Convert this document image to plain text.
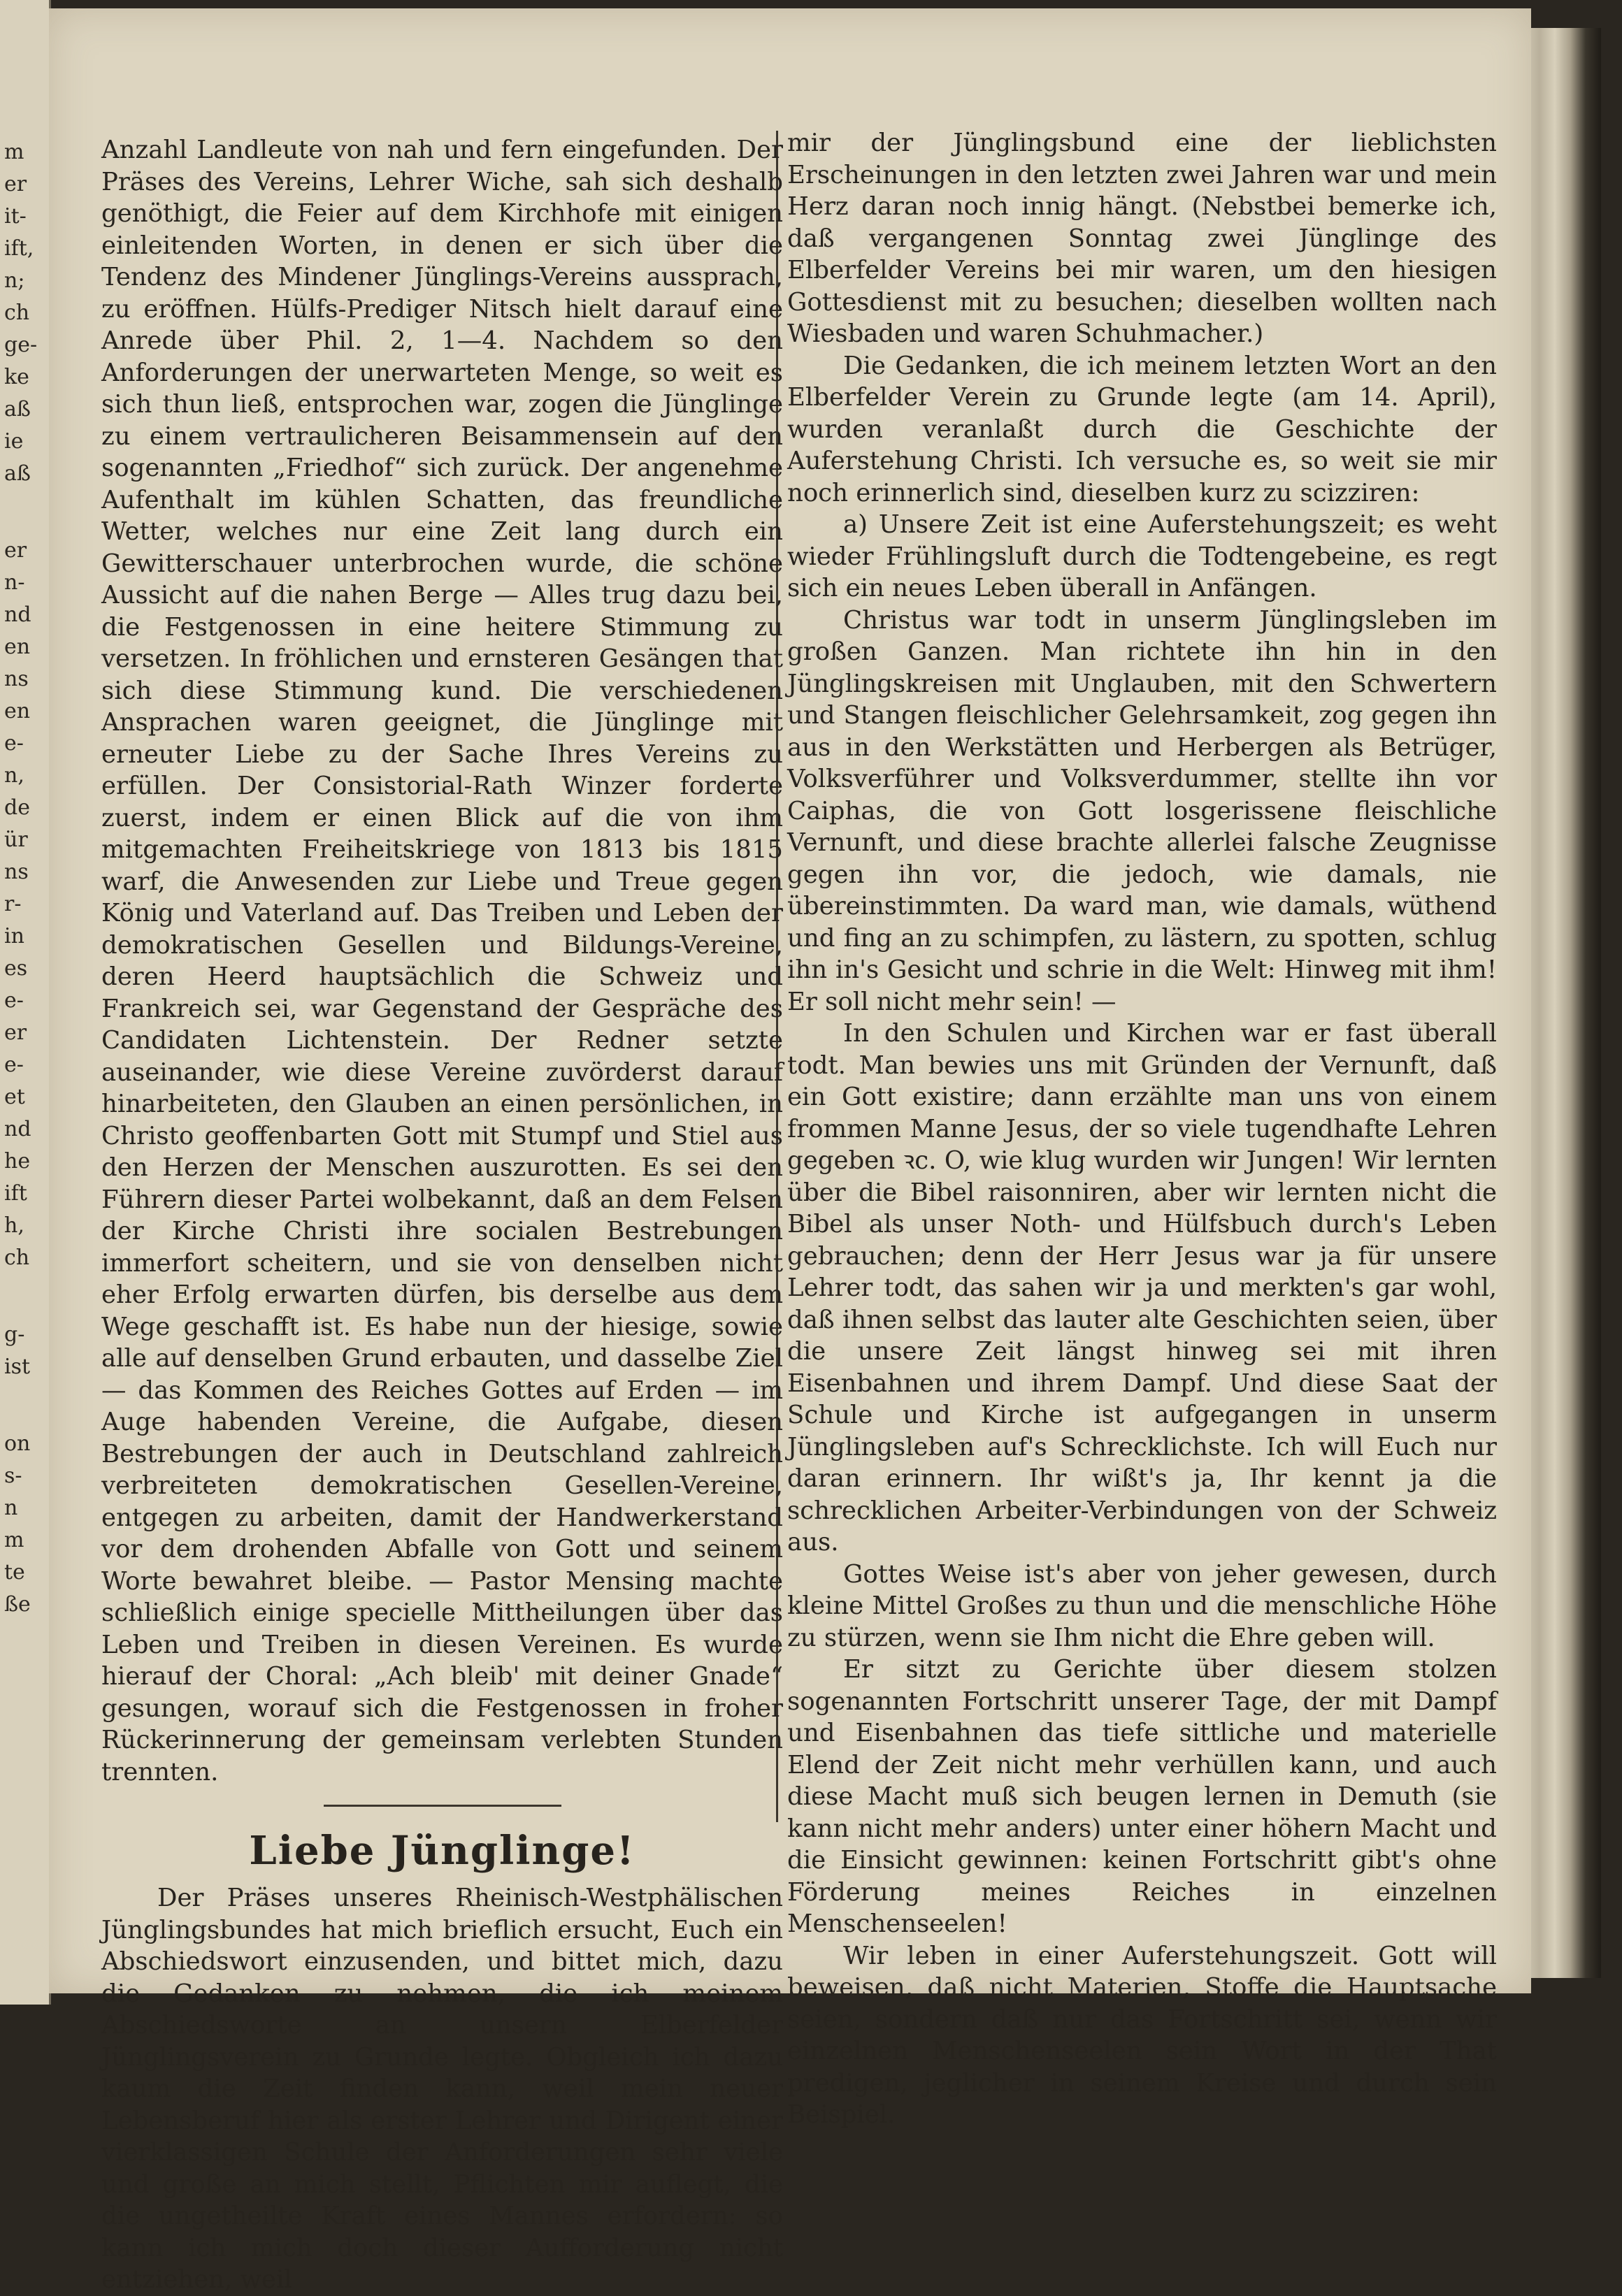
m
er
it-
ift,
n;
ch
ge-
ke
aß
ie
aß
er
n-
nd
en
ns
en
e-
n,
de
ür
ns
r-
in
es
e-
er
e-
et
nd
he
ift
h,
ch
g-
ist
on
s-
n
m
te
ße

Anzahl Landleute von nah und fern eingefunden. Der Präses des Vereins, Lehrer Wiche, sah sich deshalb genöthigt, die Feier auf dem Kirchhofe mit einigen einleitenden Worten, in denen er sich über die Tendenz des Mindener Jünglings-Vereins aussprach, zu eröffnen. Hülfs-Prediger Nitsch hielt darauf eine Anrede über Phil. 2, 1—4. Nachdem so den Anforderungen der unerwarteten Menge, so weit es sich thun ließ, entsprochen war, zogen die Jünglinge zu einem vertraulicheren Beisammensein auf den sogenannten „Friedhof“ sich zurück. Der angenehme Aufenthalt im kühlen Schatten, das freundliche Wetter, welches nur eine Zeit lang durch ein Gewitterschauer unterbrochen wurde, die schöne Aussicht auf die nahen Berge — Alles trug dazu bei, die Festgenossen in eine heitere Stimmung zu versetzen. In fröhlichen und ernsteren Gesängen that sich diese Stimmung kund. Die verschiedenen Ansprachen waren geeignet, die Jünglinge mit erneuter Liebe zu der Sache Ihres Vereins zu erfüllen. Der Consistorial-Rath Winzer forderte zuerst, indem er einen Blick auf die von ihm mitgemachten Freiheitskriege von 1813 bis 1815 warf, die Anwesenden zur Liebe und Treue gegen König und Vaterland auf. Das Treiben und Leben der demokratischen Gesellen und Bildungs-Vereine, deren Heerd hauptsächlich die Schweiz und Frankreich sei, war Gegenstand der Gespräche des Candidaten Lichtenstein. Der Redner setzte auseinander, wie diese Vereine zuvörderst darauf hinarbeiteten, den Glauben an einen persönlichen, in Christo geoffenbarten Gott mit Stumpf und Stiel aus den Herzen der Menschen auszurotten. Es sei den Führern dieser Partei wolbekannt, daß an dem Felsen der Kirche Christi ihre socialen Bestrebungen immerfort scheitern, und sie von denselben nicht eher Erfolg erwarten dürfen, bis derselbe aus dem Wege geschafft ist. Es habe nun der hiesige, sowie alle auf denselben Grund erbauten, und dasselbe Ziel — das Kommen des Reiches Gottes auf Erden — im Auge habenden Vereine, die Aufgabe, diesen Bestrebungen der auch in Deutschland zahlreich verbreiteten demokratischen Gesellen-Vereine, entgegen zu arbeiten, damit der Handwerkerstand vor dem drohenden Abfalle von Gott und seinem Worte bewahret bleibe. — Pastor Mensing machte schließlich einige specielle Mittheilungen über das Leben und Treiben in diesen Vereinen. Es wurde hierauf der Choral: „Ach bleib' mit deiner Gnade“ gesungen, worauf sich die Festgenossen in froher Rückerinnerung der gemeinsam verlebten Stunden trennten.

Liebe Jünglinge!

Der Präses unseres Rheinisch-Westphälischen Jünglingsbundes hat mich brieflich ersucht, Euch ein Abschiedswort einzusenden, und bittet mich, dazu die Gedanken zu nehmen, die ich meinem Abschiedsworte an unsern Elberfelder Jünglingsverein zu Grunde legte. Obgleich ich dazu kaum die Zeit finden kann, weil mein neuer Lebensberuf hier als erster Lehrer und Dirigent einer vierklassigen Schule der Anforderungen sehr viele und große an mich stellt, Pflichten mir auflegt, die die ungetheilte Kraft eines Mannes erfordern: so kann ich mich doch dieser Aufforderung nicht entziehen, weil

mir der Jünglingsbund eine der lieblichsten Erscheinungen in den letzten zwei Jahren war und mein Herz daran noch innig hängt. (Nebstbei bemerke ich, daß vergangenen Sonntag zwei Jünglinge des Elberfelder Vereins bei mir waren, um den hiesigen Gottesdienst mit zu besuchen; dieselben wollten nach Wiesbaden und waren Schuhmacher.)

Die Gedanken, die ich meinem letzten Wort an den Elberfelder Verein zu Grunde legte (am 14. April), wurden veranlaßt durch die Geschichte der Auferstehung Christi. Ich versuche es, so weit sie mir noch erinnerlich sind, dieselben kurz zu scizziren:

a) Unsere Zeit ist eine Auferstehungszeit; es weht wieder Frühlingsluft durch die Todtengebeine, es regt sich ein neues Leben überall in Anfängen.

Christus war todt in unserm Jünglingsleben im großen Ganzen. Man richtete ihn hin in den Jünglingskreisen mit Unglauben, mit den Schwertern und Stangen fleischlicher Gelehrsamkeit, zog gegen ihn aus in den Werkstätten und Herbergen als Betrüger, Volksverführer und Volksverdummer, stellte ihn vor Caiphas, die von Gott losgerissene fleischliche Vernunft, und diese brachte allerlei falsche Zeugnisse gegen ihn vor, die jedoch, wie damals, nie übereinstimmten. Da ward man, wie damals, wüthend und fing an zu schimpfen, zu lästern, zu spotten, schlug ihn in's Gesicht und schrie in die Welt: Hinweg mit ihm! Er soll nicht mehr sein! —

In den Schulen und Kirchen war er fast überall todt. Man bewies uns mit Gründen der Vernunft, daß ein Gott existire; dann erzählte man uns von einem frommen Manne Jesus, der so viele tugendhafte Lehren gegeben ꝛc. O, wie klug wurden wir Jungen! Wir lernten über die Bibel raisonniren, aber wir lernten nicht die Bibel als unser Noth- und Hülfsbuch durch's Leben gebrauchen; denn der Herr Jesus war ja für unsere Lehrer todt, das sahen wir ja und merkten's gar wohl, daß ihnen selbst das lauter alte Geschichten seien, über die unsere Zeit längst hinweg sei mit ihren Eisenbahnen und ihrem Dampf. Und diese Saat der Schule und Kirche ist aufgegangen in unserm Jünglingsleben auf's Schrecklichste. Ich will Euch nur daran erinnern. Ihr wißt's ja, Ihr kennt ja die schrecklichen Arbeiter-Verbindungen von der Schweiz aus.

Gottes Weise ist's aber von jeher gewesen, durch kleine Mittel Großes zu thun und die menschliche Höhe zu stürzen, wenn sie Ihm nicht die Ehre geben will.

Er sitzt zu Gerichte über diesem stolzen sogenannten Fortschritt unserer Tage, der mit Dampf und Eisenbahnen das tiefe sittliche und materielle Elend der Zeit nicht mehr verhüllen kann, und auch diese Macht muß sich beugen lernen in Demuth (sie kann nicht mehr anders) unter einer höhern Macht und die Einsicht gewinnen: keinen Fortschritt gibt's ohne Förderung meines Reiches in einzelnen Menschenseelen!

Wir leben in einer Auferstehungszeit. Gott will beweisen, daß nicht Materien, Stoffe die Hauptsache seien, sondern daß nur das Fortschritt sei, wenn wir einzelnen Menschenseelen sein Wort in der That predigen, jeglicher in seinem Kreise und durch sein Beispiel.
